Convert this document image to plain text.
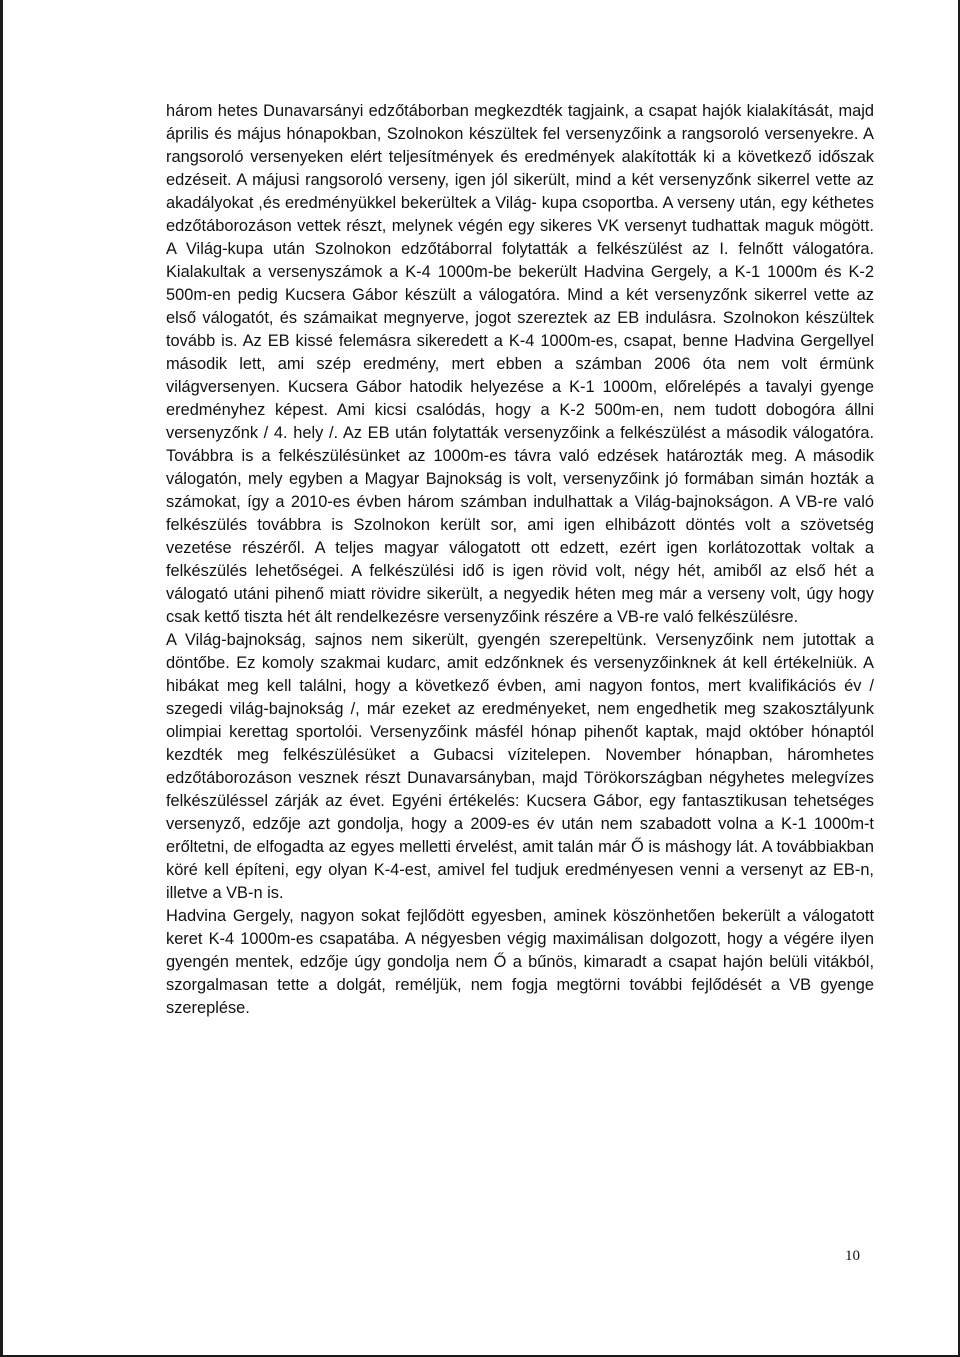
három hetes Dunavarsányi edzőtáborban megkezdték tagjaink, a csapat hajók kialakítását, majd április és május hónapokban, Szolnokon készültek fel versenyzőink a rangsoroló versenyekre. A rangsoroló versenyeken elért teljesítmények és eredmények alakították ki a következő időszak edzéseit. A májusi rangsoroló verseny, igen jól sikerült, mind a két versenyzőnk sikerrel vette az akadályokat ,és eredményükkel bekerültek a Világ- kupa csoportba. A verseny után, egy kéthetes edzőtáborozáson vettek részt, melynek végén egy sikeres VK versenyt tudhattak maguk mögött. A Világ-kupa után Szolnokon edzőtáborral folytatták a felkészülést az I. felnőtt válogatóra. Kialakultak a versenyszámok a K-4 1000m-be bekerült Hadvina Gergely, a K-1 1000m és K-2 500m-en pedig Kucsera Gábor készült a válogatóra. Mind a két versenyzőnk sikerrel vette az első válogatót, és számaikat megnyerve, jogot szereztek az EB indulásra. Szolnokon készültek tovább is. Az EB kissé felemásra sikeredett a K-4 1000m-es, csapat, benne Hadvina Gergellyel második lett, ami szép eredmény, mert ebben a számban 2006 óta nem volt érmünk világversenyen. Kucsera Gábor hatodik helyezése a K-1 1000m, előrelépés a tavalyi gyenge eredményhez képest. Ami kicsi csalódás, hogy a K-2 500m-en, nem tudott dobogóra állni versenyzőnk / 4. hely /. Az EB után folytatták versenyzőink a felkészülést a második válogatóra. Továbbra is a felkészülésünket az 1000m-es távra való edzések határozták meg. A második válogatón, mely egyben a Magyar Bajnokság is volt, versenyzőink jó formában simán hozták a számokat, így a 2010-es évben három számban indulhattak a Világ-bajnokságon. A VB-re való felkészülés továbbra is Szolnokon került sor, ami igen elhibázott döntés volt a szövetség vezetése részéről. A teljes magyar válogatott ott edzett, ezért igen korlátozottak voltak a felkészülés lehetőségei. A felkészülési idő is igen rövid volt, négy hét, amiből az első hét a válogató utáni pihenő miatt rövidre sikerült, a negyedik héten meg már a verseny volt, úgy hogy csak kettő tiszta hét ált rendelkezésre versenyzőink részére a VB-re való felkészülésre.

A Világ-bajnokság, sajnos nem sikerült, gyengén szerepeltünk. Versenyzőink nem jutottak a döntőbe. Ez komoly szakmai kudarc, amit edzőnknek és versenyzőinknek át kell értékelniük. A hibákat meg kell találni, hogy a következő évben, ami nagyon fontos, mert kvalifikációs év / szegedi világ-bajnokság /, már ezeket az eredményeket, nem engedhetik meg szakosztályunk olimpiai kerettag sportolói. Versenyzőink másfél hónap pihenőt kaptak, majd október hónaptól kezdték meg felkészülésüket a Gubacsi vízitelepen. November hónapban, háromhetes edzőtáborozáson vesznek részt Dunavarsányban, majd Törökországban négyhetes melegvízes felkészüléssel zárják az évet. Egyéni értékelés: Kucsera Gábor, egy fantasztikusan tehetséges versenyző, edzője azt gondolja, hogy a 2009-es év után nem szabadott volna a K-1 1000m-t erőltetni, de elfogadta az egyes melletti érvelést, amit talán már Ő is máshogy lát. A továbbiakban köré kell építeni, egy olyan K-4-est, amivel fel tudjuk eredményesen venni a versenyt az EB-n, illetve a VB-n is.

Hadvina Gergely, nagyon sokat fejlődött egyesben, aminek köszönhetően bekerült a válogatott keret K-4 1000m-es csapatába. A négyesben végig maximálisan dolgozott, hogy a végére ilyen gyengén mentek, edzője úgy gondolja nem Ő a bűnös, kimaradt a csapat hajón belüli vitákból, szorgalmasan tette a dolgát, reméljük, nem fogja megtörni további fejlődését a VB gyenge szereplése.

10
